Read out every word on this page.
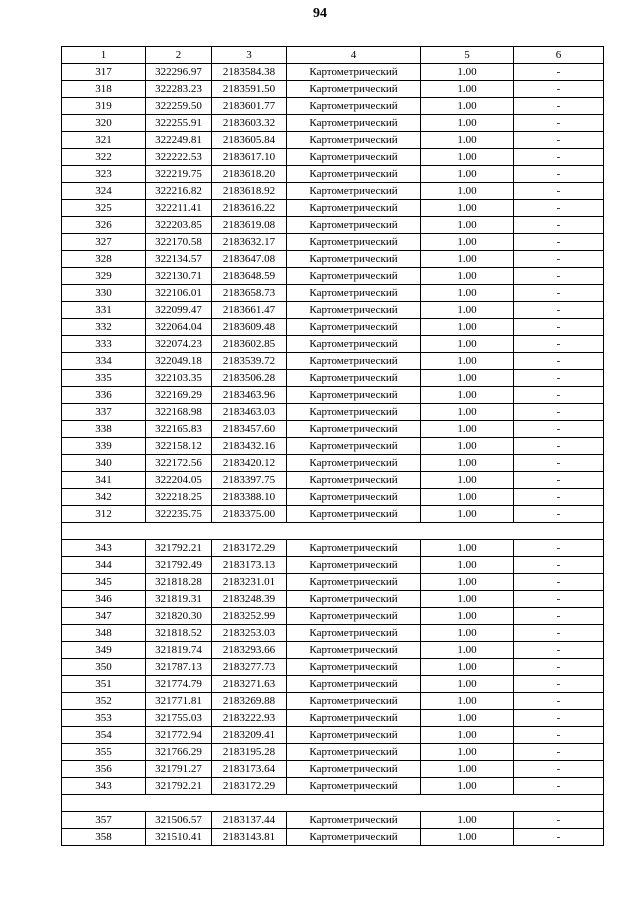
94
1	2	3	4	5	6
317	322296.97	2183584.38	Картометрический	1.00	-
318	322283.23	2183591.50	Картометрический	1.00	-
319	322259.50	2183601.77	Картометрический	1.00	-
320	322255.91	2183603.32	Картометрический	1.00	-
321	322249.81	2183605.84	Картометрический	1.00	-
322	322222.53	2183617.10	Картометрический	1.00	-
323	322219.75	2183618.20	Картометрический	1.00	-
324	322216.82	2183618.92	Картометрический	1.00	-
325	322211.41	2183616.22	Картометрический	1.00	-
326	322203.85	2183619.08	Картометрический	1.00	-
327	322170.58	2183632.17	Картометрический	1.00	-
328	322134.57	2183647.08	Картометрический	1.00	-
329	322130.71	2183648.59	Картометрический	1.00	-
330	322106.01	2183658.73	Картометрический	1.00	-
331	322099.47	2183661.47	Картометрический	1.00	-
332	322064.04	2183609.48	Картометрический	1.00	-
333	322074.23	2183602.85	Картометрический	1.00	-
334	322049.18	2183539.72	Картометрический	1.00	-
335	322103.35	2183506.28	Картометрический	1.00	-
336	322169.29	2183463.96	Картометрический	1.00	-
337	322168.98	2183463.03	Картометрический	1.00	-
338	322165.83	2183457.60	Картометрический	1.00	-
339	322158.12	2183432.16	Картометрический	1.00	-
340	322172.56	2183420.12	Картометрический	1.00	-
341	322204.05	2183397.75	Картометрический	1.00	-
342	322218.25	2183388.10	Картометрический	1.00	-
312	322235.75	2183375.00	Картометрический	1.00	-

343	321792.21	2183172.29	Картометрический	1.00	-
344	321792.49	2183173.13	Картометрический	1.00	-
345	321818.28	2183231.01	Картометрический	1.00	-
346	321819.31	2183248.39	Картометрический	1.00	-
347	321820.30	2183252.99	Картометрический	1.00	-
348	321818.52	2183253.03	Картометрический	1.00	-
349	321819.74	2183293.66	Картометрический	1.00	-
350	321787.13	2183277.73	Картометрический	1.00	-
351	321774.79	2183271.63	Картометрический	1.00	-
352	321771.81	2183269.88	Картометрический	1.00	-
353	321755.03	2183222.93	Картометрический	1.00	-
354	321772.94	2183209.41	Картометрический	1.00	-
355	321766.29	2183195.28	Картометрический	1.00	-
356	321791.27	2183173.64	Картометрический	1.00	-
343	321792.21	2183172.29	Картометрический	1.00	-

357	321506.57	2183137.44	Картометрический	1.00	-
358	321510.41	2183143.81	Картометрический	1.00	-
